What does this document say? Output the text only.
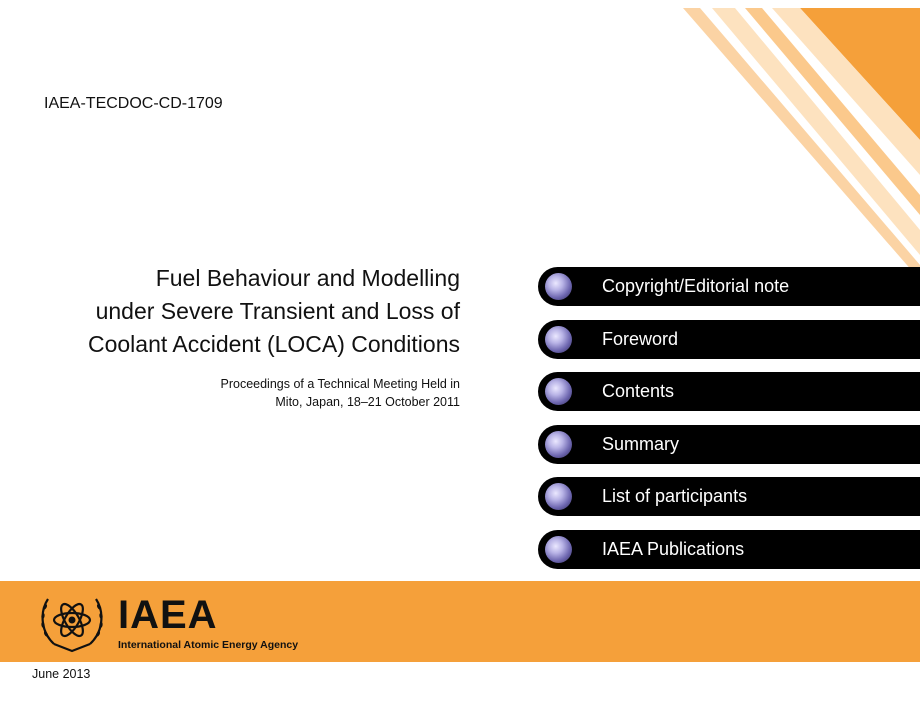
IAEA-TECDOC-CD-1709
Fuel Behaviour and Modelling
under Severe Transient and Loss of
Coolant Accident (LOCA) Conditions
Proceedings of a Technical Meeting Held in
Mito, Japan, 18–21 October 2011
Copyright/Editorial note
Foreword
Contents
Summary
List of participants
IAEA Publications
IAEA
International Atomic Energy Agency
June 2013
